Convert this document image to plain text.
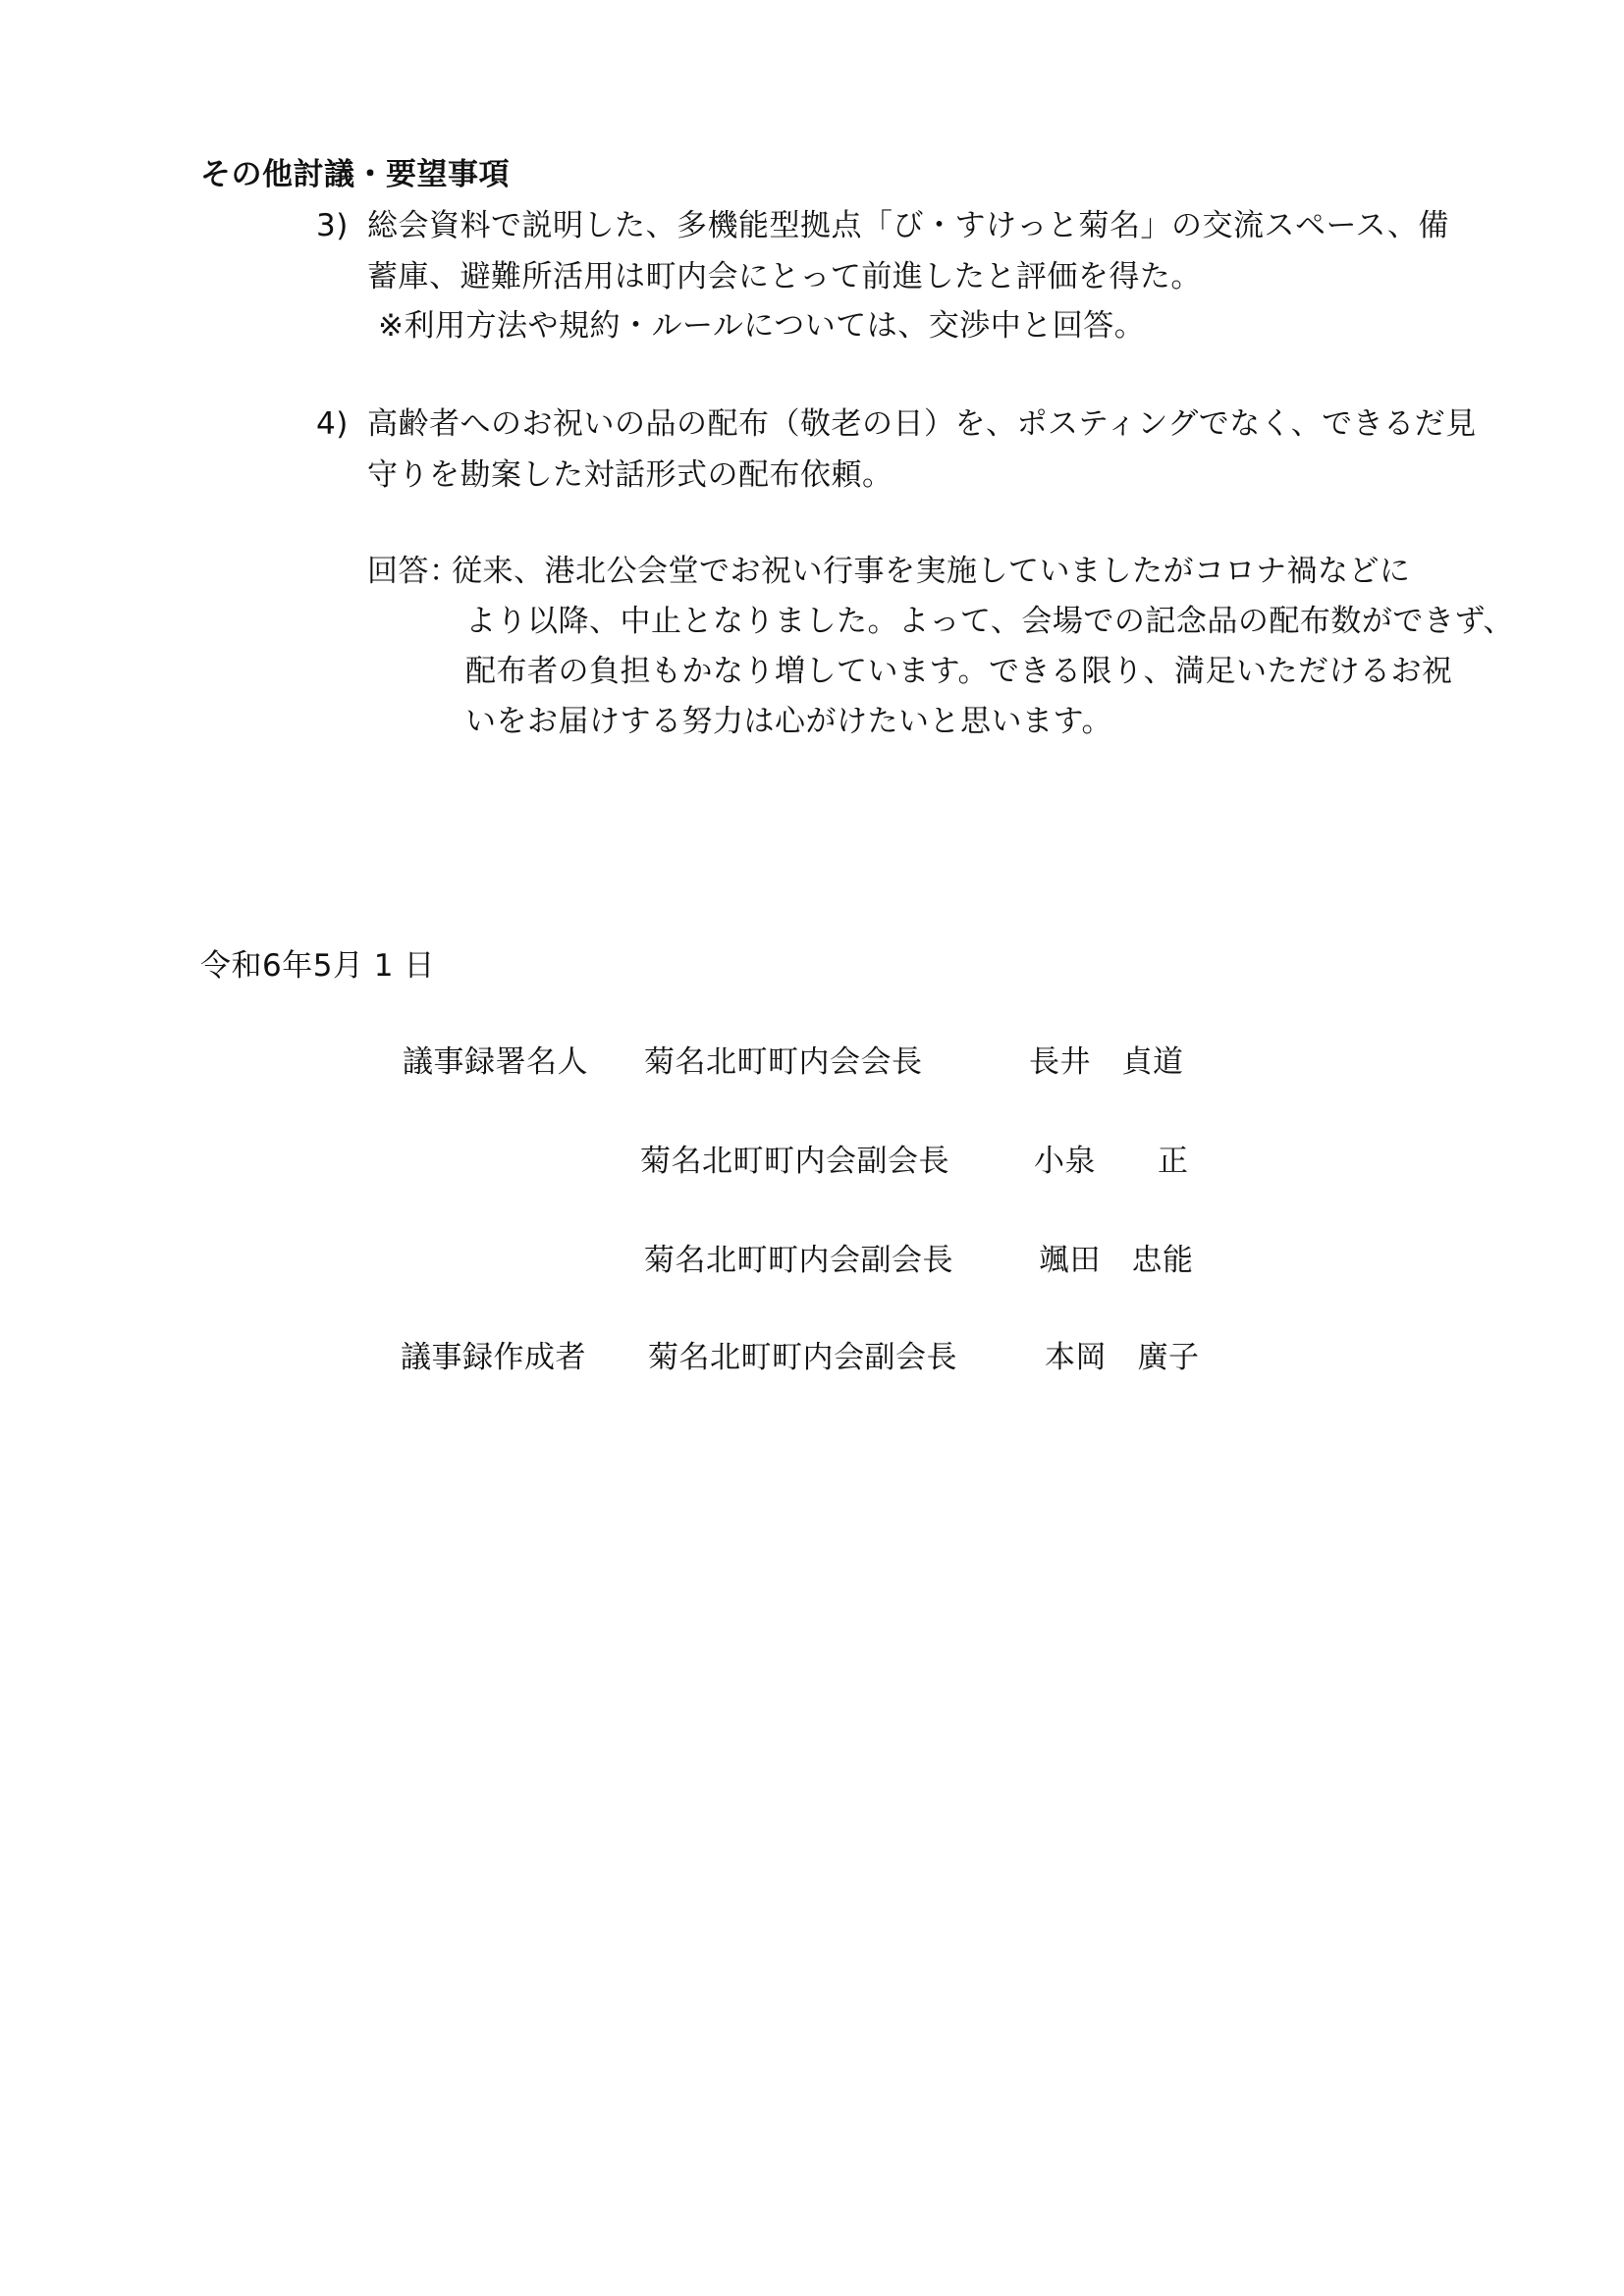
その他討議・要望事項
3) 総会資料で説明した、多機能型拠点「び・すけっと菊名」の交流スペース、備
蓄庫、避難所活用は町内会にとって前進したと評価を得た。
※利用方法や規約・ルールについては、交渉中と回答。
4) 高齢者へのお祝いの品の配布（敬老の日）を、ポスティングでなく、できるだ見
守りを勘案した対話形式の配布依頼。
回答：
従来、港北公会堂でお祝い行事を実施していましたがコロナ禍などに
より以降、中止となりました。よって、会場での記念品の配布数ができず、
配布者の負担もかなり増しています。できる限り、満足いただけるお祝
いをお届けする努力は心がけたいと思います。
令和6年5月 1 日
議事録署名人 菊名北町町内会会長	長井　貞道
菊名北町町内会副会長	小泉　　正
菊名北町町内会副会長	颯田　忠能
議事録作成者 菊名北町町内会副会長	本岡　廣子
